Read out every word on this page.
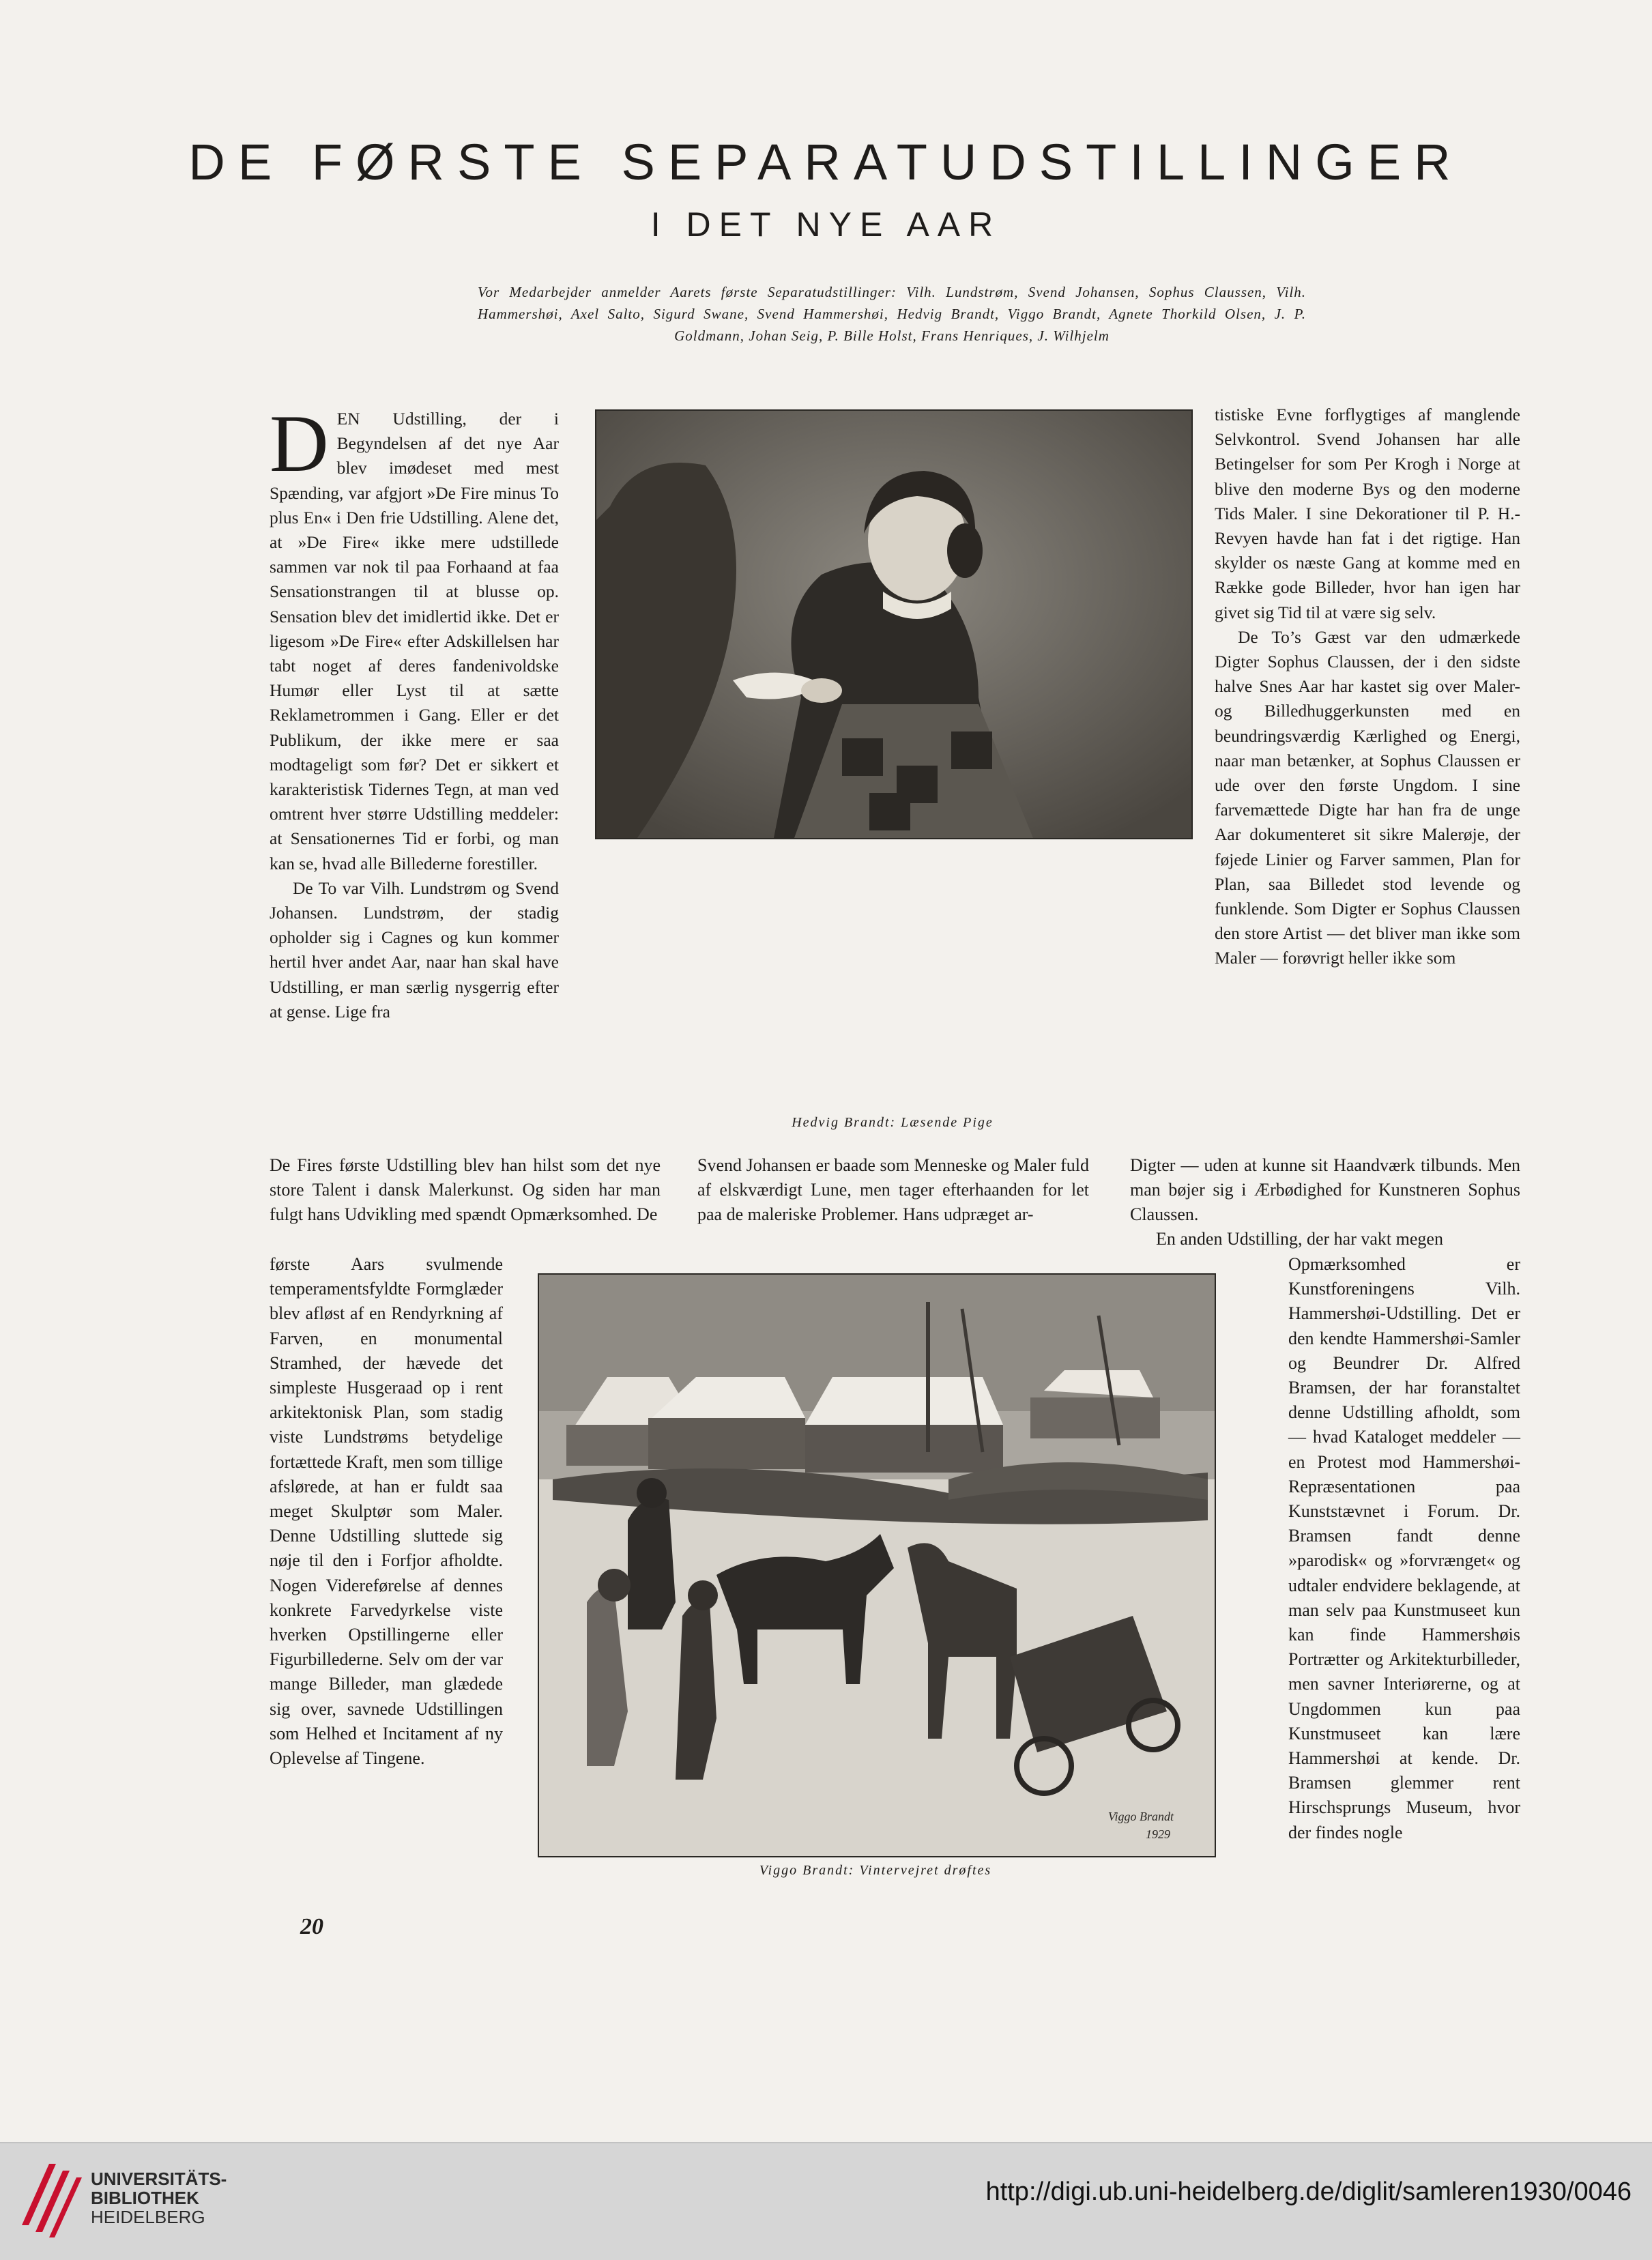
DE FØRSTE SEPARATUDSTILLINGER
I DET NYE AAR
Vor Medarbejder anmelder Aarets første Separatudstillinger: Vilh. Lundstrøm, Svend Johansen, Sophus Claussen, Vilh. Hammershøi, Axel Salto, Sigurd Swane, Svend Hammershøi, Hedvig Brandt, Viggo Brandt, Agnete Thorkild Olsen, J. P. Goldmann, Johan Seig, P. Bille Holst, Frans Henriques, J. Wilhjelm

DEN Udstilling, der i Begyndelsen af det nye Aar blev imødeset med mest Spænding, var afgjort »De Fire minus To plus En« i Den frie Udstilling. Alene det, at »De Fire« ikke mere udstillede sammen var nok til paa Forhaand at faa Sensationstrangen til at blusse op. Sensation blev det imidlertid ikke. Det er ligesom »De Fire« efter Adskillelsen har tabt noget af deres fandenivoldske Humør eller Lyst til at sætte Reklametrommen i Gang. Eller er det Publikum, der ikke mere er saa modtageligt som før? Det er sikkert et karakteristisk Tidernes Tegn, at man ved omtrent hver større Udstilling meddeler: at Sensationernes Tid er forbi, og man kan se, hvad alle Billederne forestiller.

De To var Vilh. Lundstrøm og Svend Johansen. Lundstrøm, der stadig opholder sig i Cagnes og kun kommer hertil hver andet Aar, naar han skal have Udstilling, er man særlig nysgerrig efter at gense. Lige fra

Hedvig Brandt: Læsende Pige

tistiske Evne forflygtiges af manglende Selvkontrol. Svend Johansen har alle Betingelser for som Per Krogh i Norge at blive den moderne Bys og den moderne Tids Maler. I sine Dekorationer til P. H.-Revyen havde han fat i det rigtige. Han skylder os næste Gang at komme med en Række gode Billeder, hvor han igen har givet sig Tid til at være sig selv.

De To’s Gæst var den udmærkede Digter Sophus Claussen, der i den sidste halve Snes Aar har kastet sig over Maler- og Billedhuggerkunsten med en beundringsværdig Kærlighed og Energi, naar man betænker, at Sophus Claussen er ude over den første Ungdom. I sine farvemættede Digte har han fra de unge Aar dokumenteret sit sikre Malerøje, der føjede Linier og Farver sammen, Plan for Plan, saa Billedet stod levende og funklende. Som Digter er Sophus Claussen den store Artist — det bliver man ikke som Maler — forøvrigt heller ikke som

De Fires første Udstilling blev han hilst som det nye store Talent i dansk Malerkunst. Og siden har man fulgt hans Udvikling med spændt Opmærksomhed. De
Svend Johansen er baade som Menneske og Maler fuld af elskværdigt Lune, men tager efterhaanden for let paa de maleriske Problemer. Hans udpræget ar-
Digter — uden at kunne sit Haandværk tilbunds. Men man bøjer sig i Ærbødighed for Kunstneren Sophus Claussen.
første Aars svulmende temperamentsfyldte Formglæder blev afløst af en Rendyrkning af Farven, en monumental Stramhed, der hævede det simpleste Husgeraad op i rent arkitektonisk Plan, som stadig viste Lundstrøms betydelige fortættede Kraft, men som tillige afslørede, at han er fuldt saa meget Skulptør som Maler. Denne Udstilling sluttede sig nøje til den i Forfjor afholdte. Nogen Videreførelse af dennes konkrete Farvedyrkelse viste hverken Opstillingerne eller Figurbillederne. Selv om der var mange Billeder, man glædede sig over, savnede Udstillingen som Helhed et Incitament af ny Oplevelse af Tingene.
Viggo Brandt
1929
Viggo Brandt: Vintervejret drøftes

En anden Udstilling, der har vakt megen

Opmærksomhed er Kunstforeningens Vilh. Hammershøi-Udstilling. Det er den kendte Hammershøi-Samler og Beundrer Dr. Alfred Bramsen, der har foranstaltet denne Udstilling afholdt, som — hvad Kataloget meddeler — en Protest mod Hammershøi-Repræsentationen paa Kunststævnet i Forum. Dr. Bramsen fandt denne »parodisk« og »forvrænget« og udtaler endvidere beklagende, at man selv paa Kunstmuseet kun kan finde Hammershøis Portrætter og Arkitekturbilleder, men savner Interiørerne, og at Ungdommen kun paa Kunstmuseet kan lære Hammershøi at kende. Dr. Bramsen glemmer rent Hirschsprungs Museum, hvor der findes nogle
20
UNIVERSITÄTS-
BIBLIOTHEK
HEIDELBERG
http://digi.ub.uni-heidelberg.de/diglit/samleren1930/0046
